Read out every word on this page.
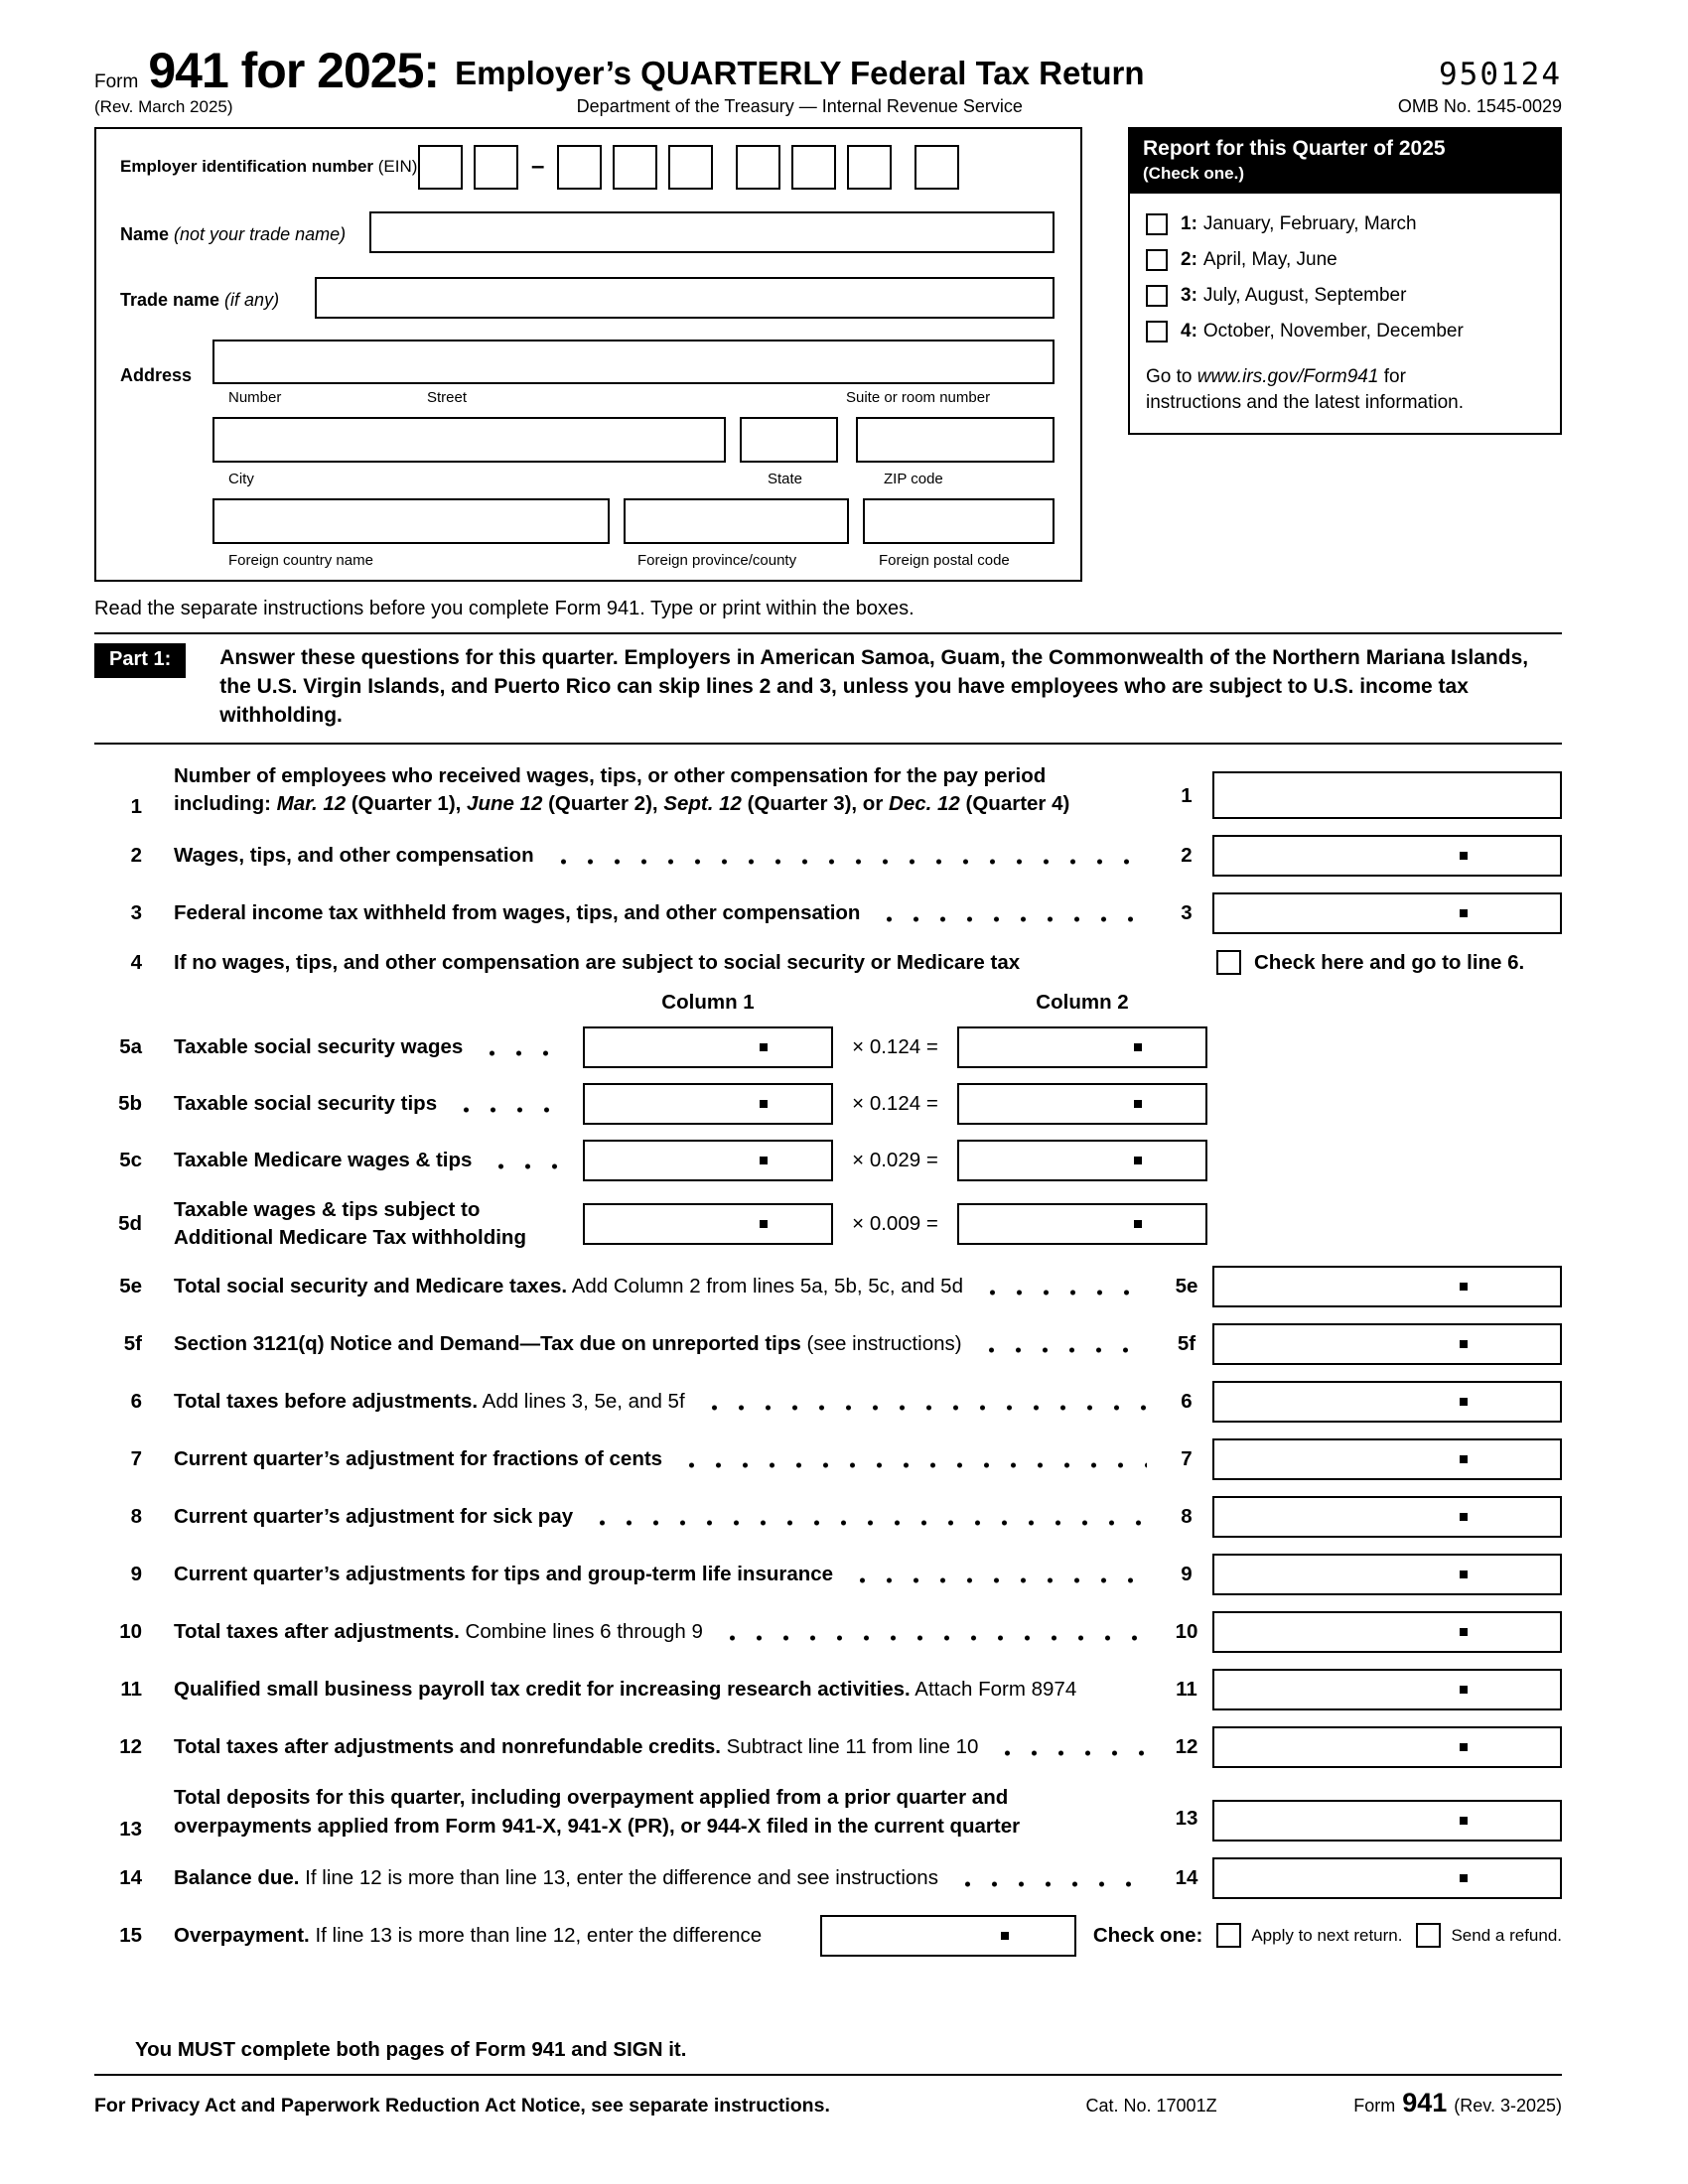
Form 941 for 2025:
(Rev. March 2025)
Employer’s QUARTERLY Federal Tax Return
Department of the Treasury — Internal Revenue Service
950124
OMB No. 1545-0029
Employer identification number (EIN)	–
Name (not your trade name)
Trade name (if any)
Address
Number	Street	Suite or room number
City	State	ZIP code
Foreign country name	Foreign province/county	Foreign postal code
Report for this Quarter of 2025
(Check one.)
1: January, February, March
2: April, May, June
3: July, August, September
4: October, November, December
Go to www.irs.gov/Form941 for
instructions and the latest information.
Read the separate instructions before you complete Form 941. Type or print within the boxes.
Part 1:	Answer these questions for this quarter. Employers in American Samoa, Guam, the Commonwealth of the Northern Mariana Islands, the U.S. Virgin Islands, and Puerto Rico can skip lines 2 and 3, unless you have employees who are subject to U.S. income tax withholding.
1
Number of employees who received wages, tips, or other compensation for the pay period
including: Mar. 12 (Quarter 1), June 12 (Quarter 2), Sept. 12 (Quarter 3), or Dec. 12 (Quarter 4)	1
2 Wages, tips, and other compensation	2
3 Federal income tax withheld from wages, tips, and other compensation	3
4 If no wages, tips, and other compensation are subject to social security or Medicare tax	Check here and go to line 6.
Column 1	Column 2
5a Taxable social security wages	× 0.124 =
5b Taxable social security tips	× 0.124 =
5c Taxable Medicare wages & tips	× 0.029 =
5d
Taxable wages & tips subject to
Additional Medicare Tax withholding
× 0.009 =
5e Total social security and Medicare taxes. Add Column 2 from lines 5a, 5b, 5c, and 5d	5e
5f Section 3121(q) Notice and Demand—Tax due on unreported tips (see instructions)	5f
6 Total taxes before adjustments. Add lines 3, 5e, and 5f	6
7 Current quarter’s adjustment for fractions of cents	7
8 Current quarter’s adjustment for sick pay	8
9 Current quarter’s adjustments for tips and group-term life insurance	9
10 Total taxes after adjustments. Combine lines 6 through 9	10
11 Qualified small business payroll tax credit for increasing research activities. Attach Form 8974	11
12 Total taxes after adjustments and nonrefundable credits. Subtract line 11 from line 10	12
13
Total deposits for this quarter, including overpayment applied from a prior quarter and
overpayments applied from Form 941-X, 941-X (PR), or 944-X filed in the current quarter	13
14 Balance due. If line 12 is more than line 13, enter the difference and see instructions	14
15 Overpayment. If line 13 is more than line 12, enter the difference	Check one:	Apply to next return.	Send a refund.
You MUST complete both pages of Form 941 and SIGN it.
For Privacy Act and Paperwork Reduction Act Notice, see separate instructions.	Cat. No. 17001Z	Form 941 (Rev. 3-2025)
